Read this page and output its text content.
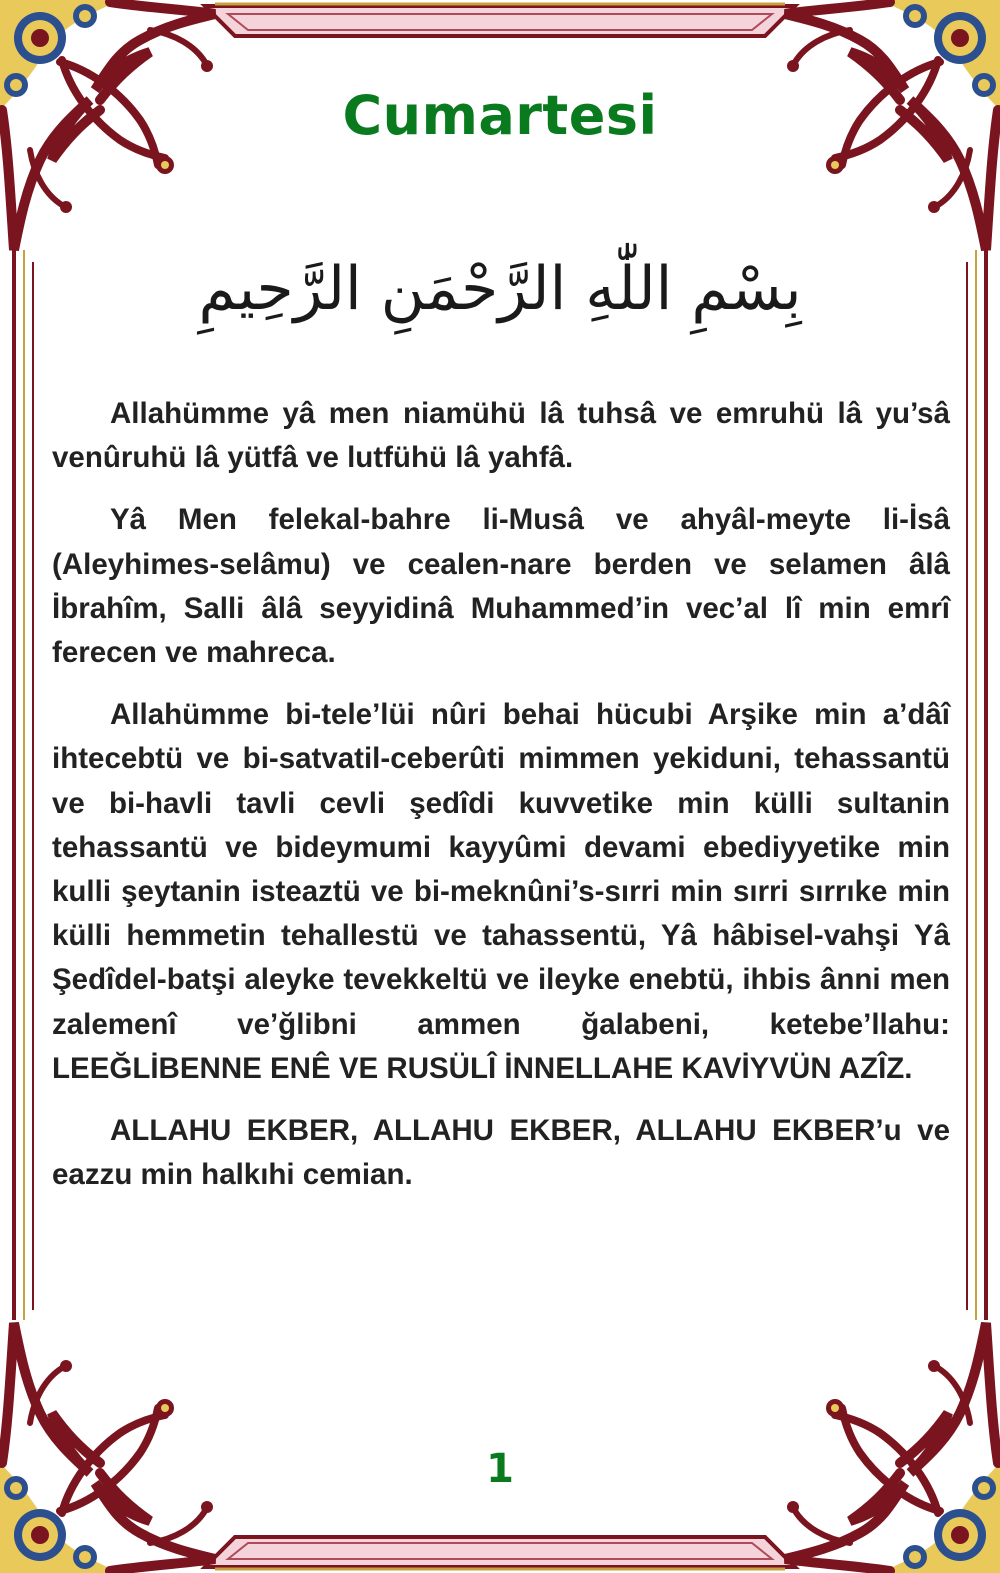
Cumartesi
بِسْمِ اللّٰهِ الرَّحْمَنِ الرَّحِيمِ

Allahümme yâ men niamühü lâ tuhsâ ve emruhü lâ yu’sâ venûruhü lâ yütfâ ve lutfühü lâ yahfâ.

Yâ Men felekal-bahre li-Musâ ve ahyâl-meyte li-İsâ (Aleyhimes-selâmu) ve cealen-nare berden ve selamen âlâ İbrahîm, Salli âlâ seyyidinâ Muhammed’in vec’al lî min emrî ferecen ve mahreca.

Allahümme bi-tele’lüi nûri behai hücubi Arşike min a’dâî ihtecebtü ve bi-satvatil-ceberûti mimmen yekiduni, tehassantü ve bi-havli tavli cevli şedîdi kuvvetike min külli sultanin tehassantü ve bideymumi kayyûmi devami ebediyyetike min kulli şeytanin isteaztü ve bi-meknûni’s-sırri min sırri sırrıke min külli hemmetin tehallestü ve tahassentü, Yâ hâbisel-vahşi Yâ Şedîdel-batşi aleyke tevekkeltü ve ileyke enebtü, ihbis ânni men zalemenî ve’ğlibni ammen ğalabeni, ketebe’llahu: LEEĞLİBENNE ENÊ VE RUSÜLÎ İNNELLAHE KAVİYVÜN AZÎZ.

ALLAHU EKBER, ALLAHU EKBER, ALLAHU EKBER’u ve eazzu min halkıhi cemian.

1
